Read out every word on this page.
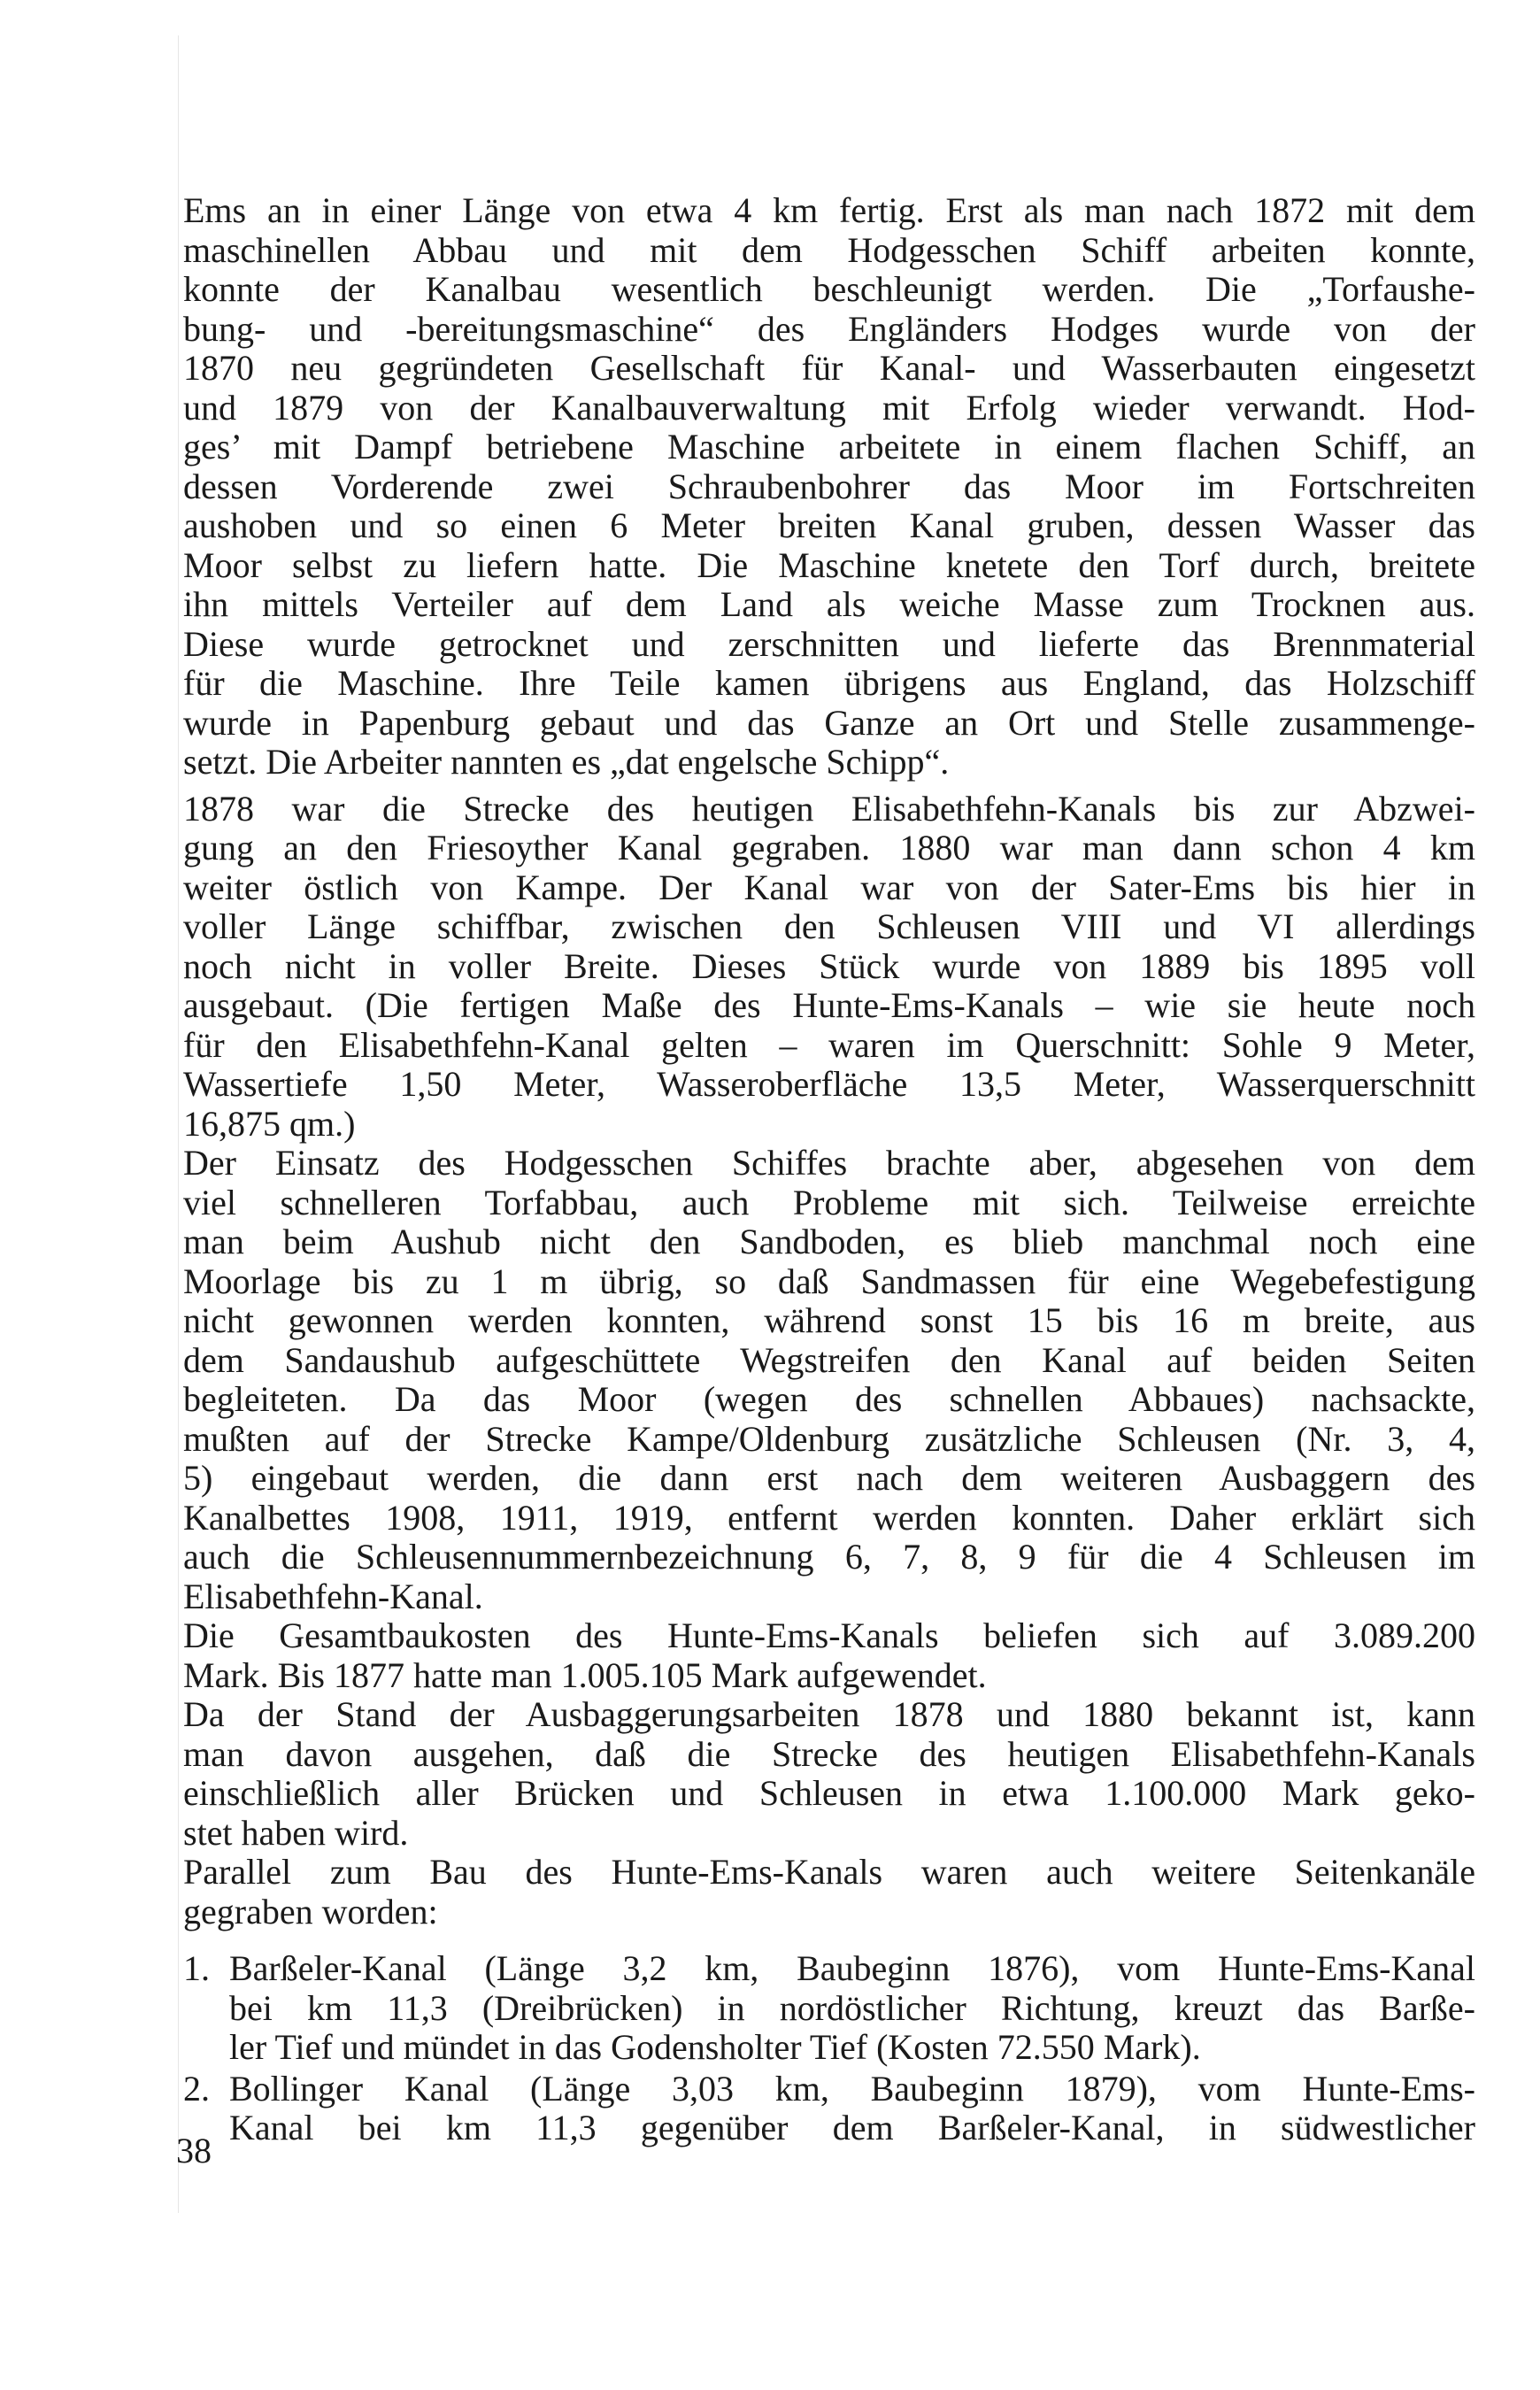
Ems an in einer Länge von etwa 4 km fertig. Erst als man nach 1872 mit dem
maschinellen Abbau und mit dem Hodgesschen Schiff arbeiten konnte,
konnte der Kanalbau wesentlich beschleunigt werden. Die „Torfaushe-
bung- und -bereitungsmaschine“ des Engländers Hodges wurde von der
1870 neu gegründeten Gesellschaft für Kanal- und Wasserbauten eingesetzt
und 1879 von der Kanalbauverwaltung mit Erfolg wieder verwandt. Hod-
ges’ mit Dampf betriebene Maschine arbeitete in einem flachen Schiff, an
dessen Vorderende zwei Schraubenbohrer das Moor im Fortschreiten
aushoben und so einen 6 Meter breiten Kanal gruben, dessen Wasser das
Moor selbst zu liefern hatte. Die Maschine knetete den Torf durch, breitete
ihn mittels Verteiler auf dem Land als weiche Masse zum Trocknen aus.
Diese wurde getrocknet und zerschnitten und lieferte das Brennmaterial
für die Maschine. Ihre Teile kamen übrigens aus England, das Holzschiff
wurde in Papenburg gebaut und das Ganze an Ort und Stelle zusammenge-
setzt. Die Arbeiter nannten es „dat engelsche Schipp“.
1878 war die Strecke des heutigen Elisabethfehn-Kanals bis zur Abzwei-
gung an den Friesoyther Kanal gegraben. 1880 war man dann schon 4 km
weiter östlich von Kampe. Der Kanal war von der Sater-Ems bis hier in
voller Länge schiffbar, zwischen den Schleusen VIII und VI allerdings
noch nicht in voller Breite. Dieses Stück wurde von 1889 bis 1895 voll
ausgebaut. (Die fertigen Maße des Hunte-Ems-Kanals – wie sie heute noch
für den Elisabethfehn-Kanal gelten – waren im Querschnitt: Sohle 9 Meter,
Wassertiefe 1,50 Meter, Wasseroberfläche 13,5 Meter, Wasserquerschnitt
16,875 qm.)
Der Einsatz des Hodgesschen Schiffes brachte aber, abgesehen von dem
viel schnelleren Torfabbau, auch Probleme mit sich. Teilweise erreichte
man beim Aushub nicht den Sandboden, es blieb manchmal noch eine
Moorlage bis zu 1 m übrig, so daß Sandmassen für eine Wegebefestigung
nicht gewonnen werden konnten, während sonst 15 bis 16 m breite, aus
dem Sandaushub aufgeschüttete Wegstreifen den Kanal auf beiden Seiten
begleiteten. Da das Moor (wegen des schnellen Abbaues) nachsackte,
mußten auf der Strecke Kampe/Oldenburg zusätzliche Schleusen (Nr. 3, 4,
5) eingebaut werden, die dann erst nach dem weiteren Ausbaggern des
Kanalbettes 1908, 1911, 1919, entfernt werden konnten. Daher erklärt sich
auch die Schleusennummernbezeichnung 6, 7, 8, 9 für die 4 Schleusen im
Elisabethfehn-Kanal.
Die Gesamtbaukosten des Hunte-Ems-Kanals beliefen sich auf 3.089.200
Mark. Bis 1877 hatte man 1.005.105 Mark aufgewendet.
Da der Stand der Ausbaggerungsarbeiten 1878 und 1880 bekannt ist, kann
man davon ausgehen, daß die Strecke des heutigen Elisabethfehn-Kanals
einschließlich aller Brücken und Schleusen in etwa 1.100.000 Mark geko-
stet haben wird.
Parallel zum Bau des Hunte-Ems-Kanals waren auch weitere Seitenkanäle
gegraben worden:
1. Barßeler-Kanal (Länge 3,2 km, Baubeginn 1876), vom Hunte-Ems-Kanal
bei km 11,3 (Dreibrücken) in nordöstlicher Richtung, kreuzt das Barße-
ler Tief und mündet in das Godensholter Tief (Kosten 72.550 Mark).
2. Bollinger Kanal (Länge 3,03 km, Baubeginn 1879), vom Hunte-Ems-
Kanal bei km 11,3 gegenüber dem Barßeler-Kanal, in südwestlicher
38
